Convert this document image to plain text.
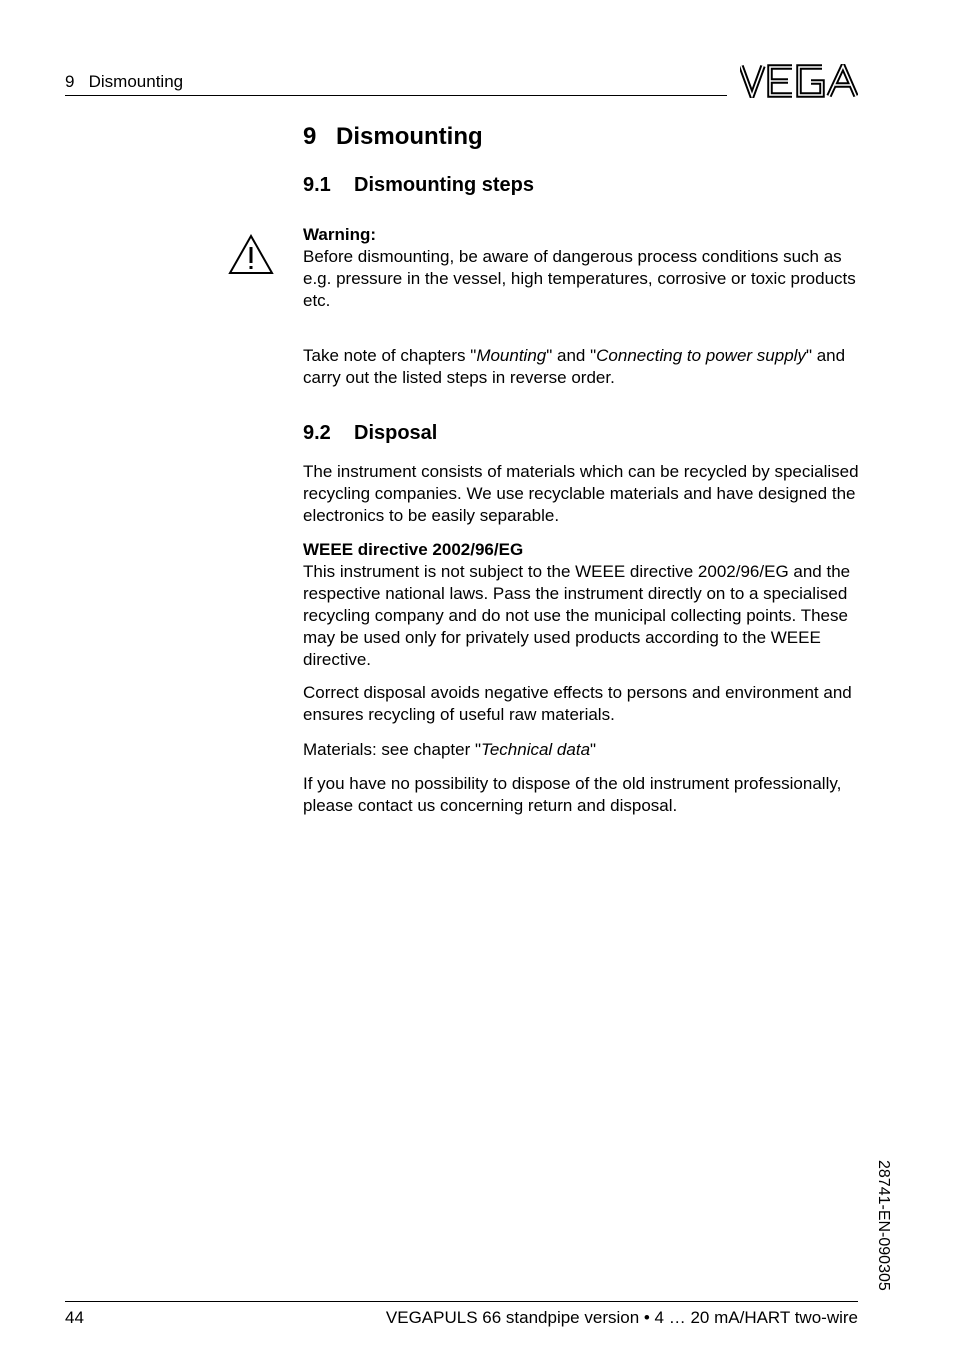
9   Dismounting
9 Dismounting
9.1 Dismounting steps
Warning:
Before dismounting, be aware of dangerous process conditions such as e.g. pressure in the vessel, high temperatures, corrosive or toxic products etc.
Take note of chapters "Mounting" and "Connecting to power supply" and carry out the listed steps in reverse order.
9.2 Disposal
The instrument consists of materials which can be recycled by specialised recycling companies. We use recyclable materials and have designed the electronics to be easily separable.
WEEE directive 2002/96/EG
This instrument is not subject to the WEEE directive 2002/96/EG and the respective national laws. Pass the instrument directly on to a specialised recycling company and do not use the municipal collecting points. These may be used only for privately used products according to the WEEE directive.
Correct disposal avoids negative effects to persons and environment and ensures recycling of useful raw materials.
Materials: see chapter "Technical data"
If you have no possibility to dispose of the old instrument professionally, please contact us concerning return and disposal.
28741-EN-090305
44	VEGAPULS 66 standpipe version • 4 … 20 mA/HART two-wire
